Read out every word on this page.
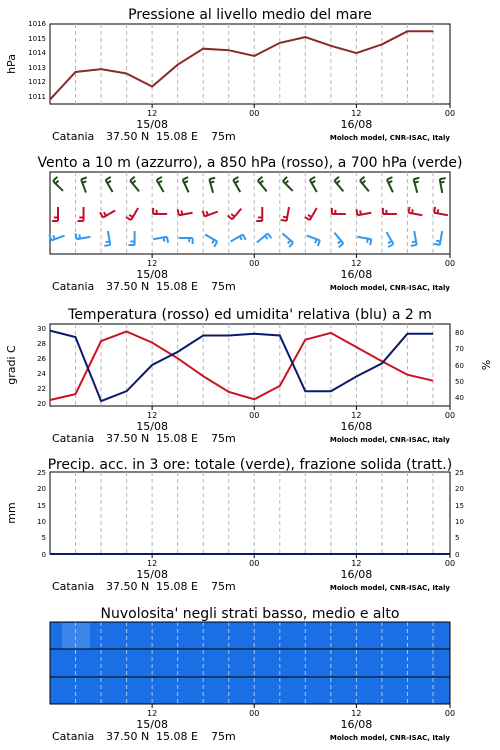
Pressione al livello medio del mare
1011
1012
1013
1014
1015
1016
hPa
12	00	12	00
15/08	16/08
Catania 37.50 N 15.08 E 75m	Moloch model, CNR-ISAC, Italy
Vento a 10 m (azzurro), a 850 hPa (rosso), a 700 hPa (verde)
12	00	12	00
15/08	16/08
Catania 37.50 N 15.08 E 75m	Moloch model, CNR-ISAC, Italy
Temperatura (rosso) ed umidita' relativa (blu) a 2 m
20
22
24
26
28
30
40
50
60
70
80
gradi C	%
12	00	12	00
15/08	16/08
Catania 37.50 N 15.08 E 75m	Moloch model, CNR-ISAC, Italy
Precip. acc. in 3 ore: totale (verde), frazione solida (tratt.)
0
5
10
15
20
25
0
5
10
15
20
25
mm
12	00	12	00
15/08	16/08
Catania 37.50 N 15.08 E 75m	Moloch model, CNR-ISAC, Italy
Nuvolosita' negli strati basso, medio e alto
12	00	12	00
15/08	16/08
Catania 37.50 N 15.08 E 75m	Moloch model, CNR-ISAC, Italy
